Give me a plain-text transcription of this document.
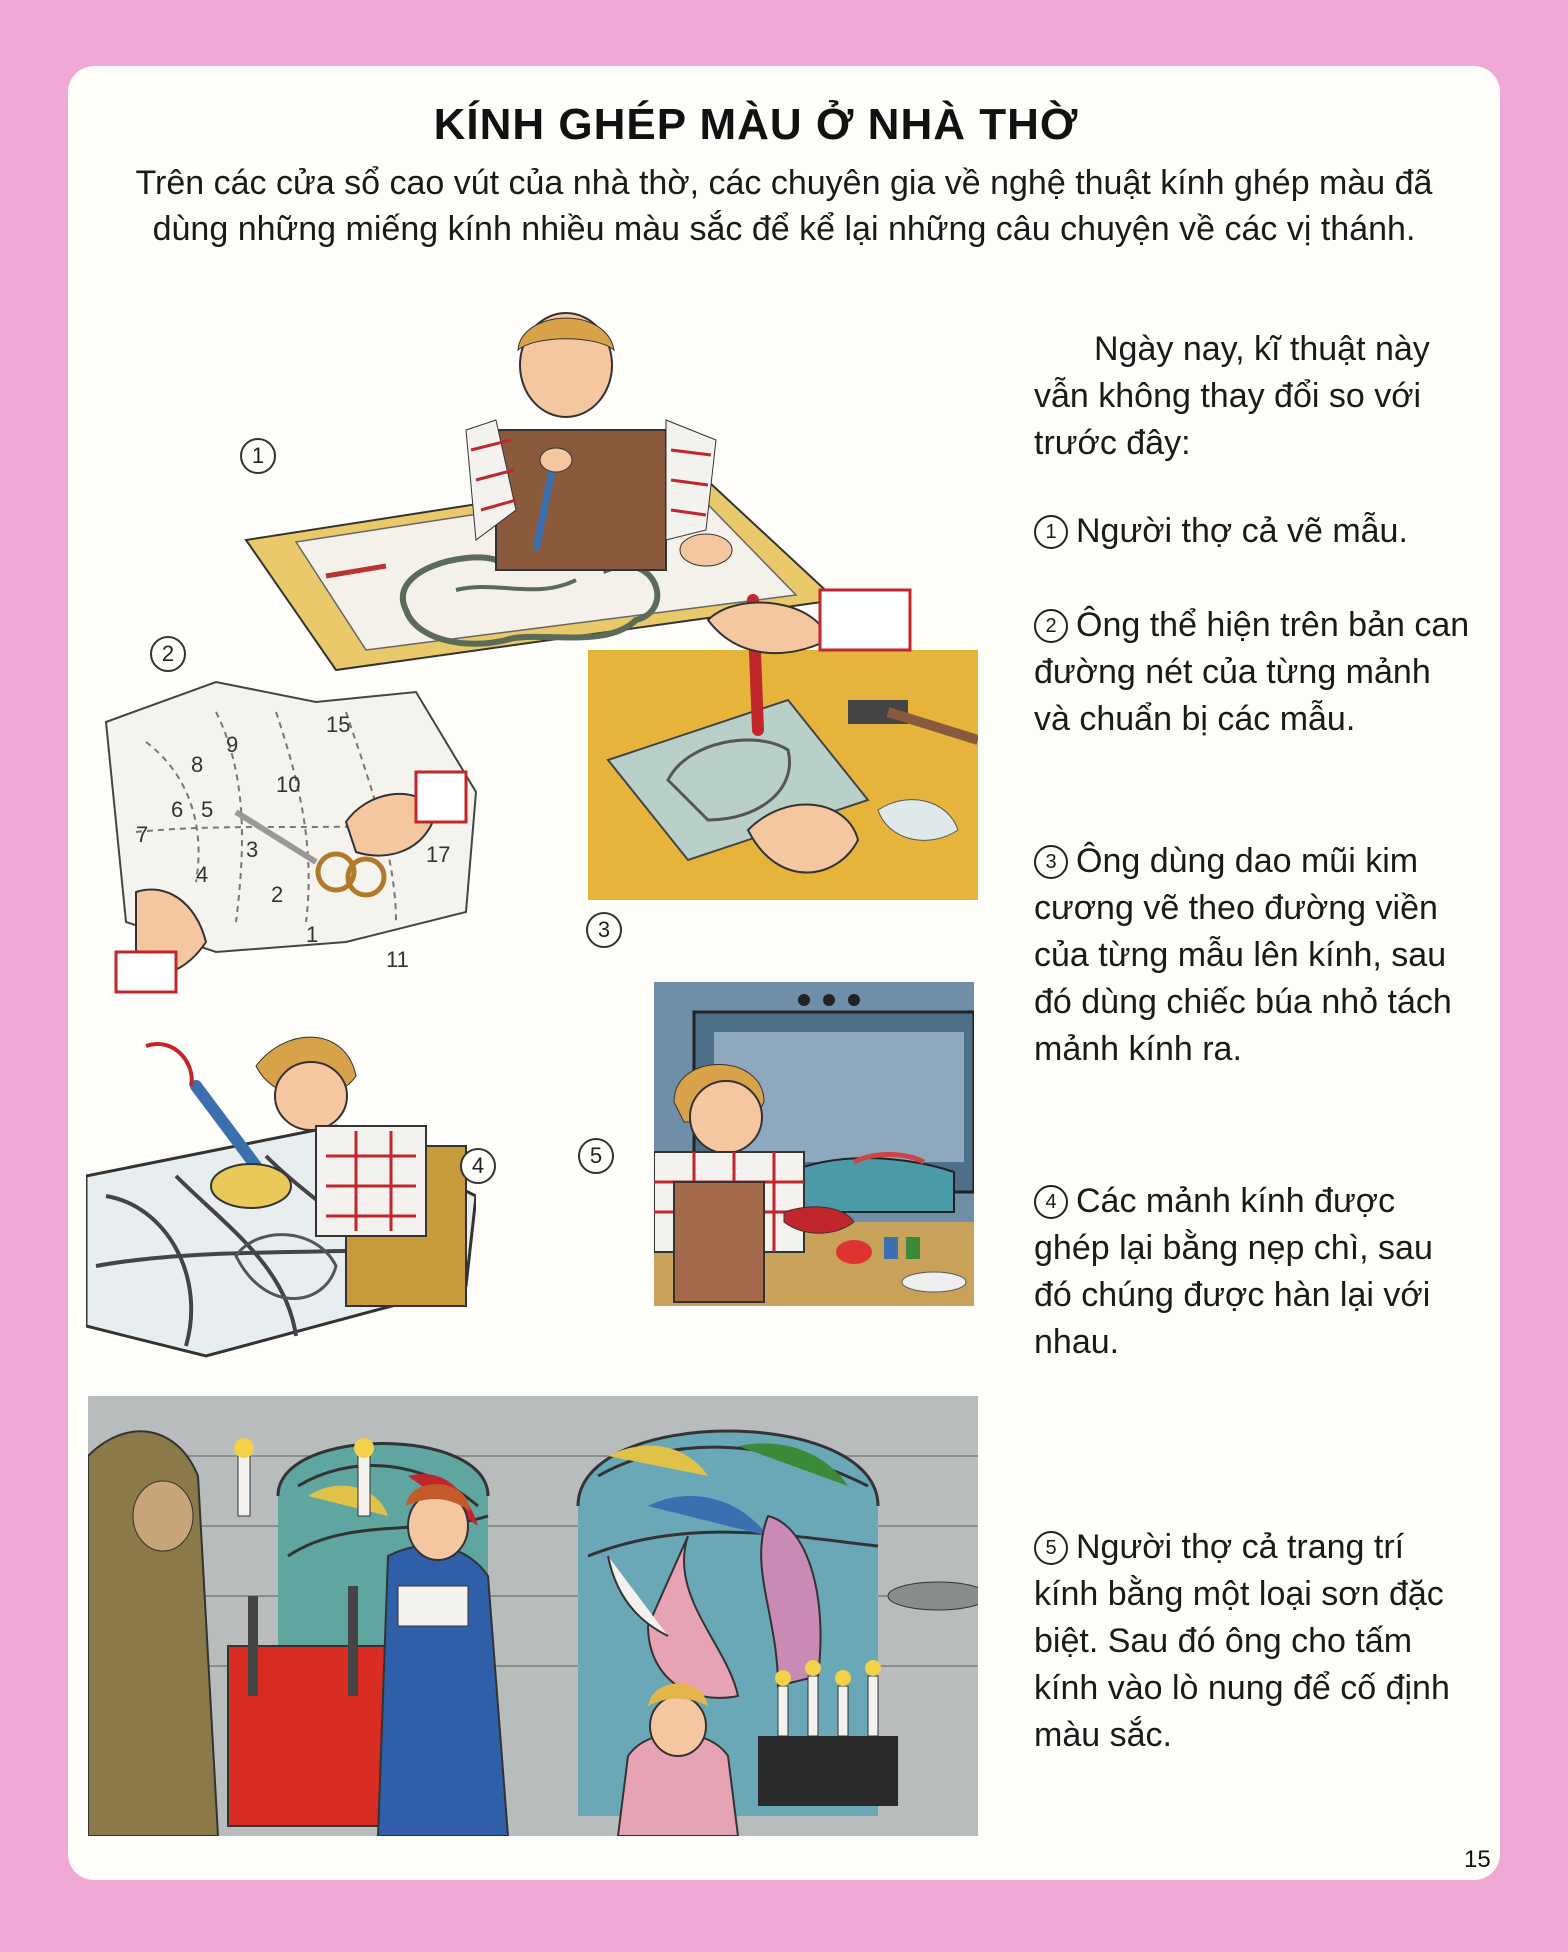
KÍNH GHÉP MÀU Ở NHÀ THỜ
Trên các cửa sổ cao vút của nhà thờ, các chuyên gia về nghệ thuật kính ghép màu đã dùng những miếng kính nhiều màu sắc để kể lại những câu chuyện về các vị thánh.
1
9
8
15
6 5
7
4
3
10
2
1
17
11
2
3
4	5

Ngày nay, kĩ thuật này vẫn không thay đổi so với trước đây:

1 Người thợ cả vẽ mẫu.

2 Ông thể hiện trên bản can đường nét của từng mảnh và chuẩn bị các mẫu.

3 Ông dùng dao mũi kim cương vẽ theo đường viền của từng mẫu lên kính, sau đó dùng chiếc búa nhỏ tách mảnh kính ra.

4 Các mảnh kính được ghép lại bằng nẹp chì, sau đó chúng được hàn lại với nhau.

5 Người thợ cả trang trí kính bằng một loại sơn đặc biệt. Sau đó ông cho tấm kính vào lò nung để cố định màu sắc.

15
